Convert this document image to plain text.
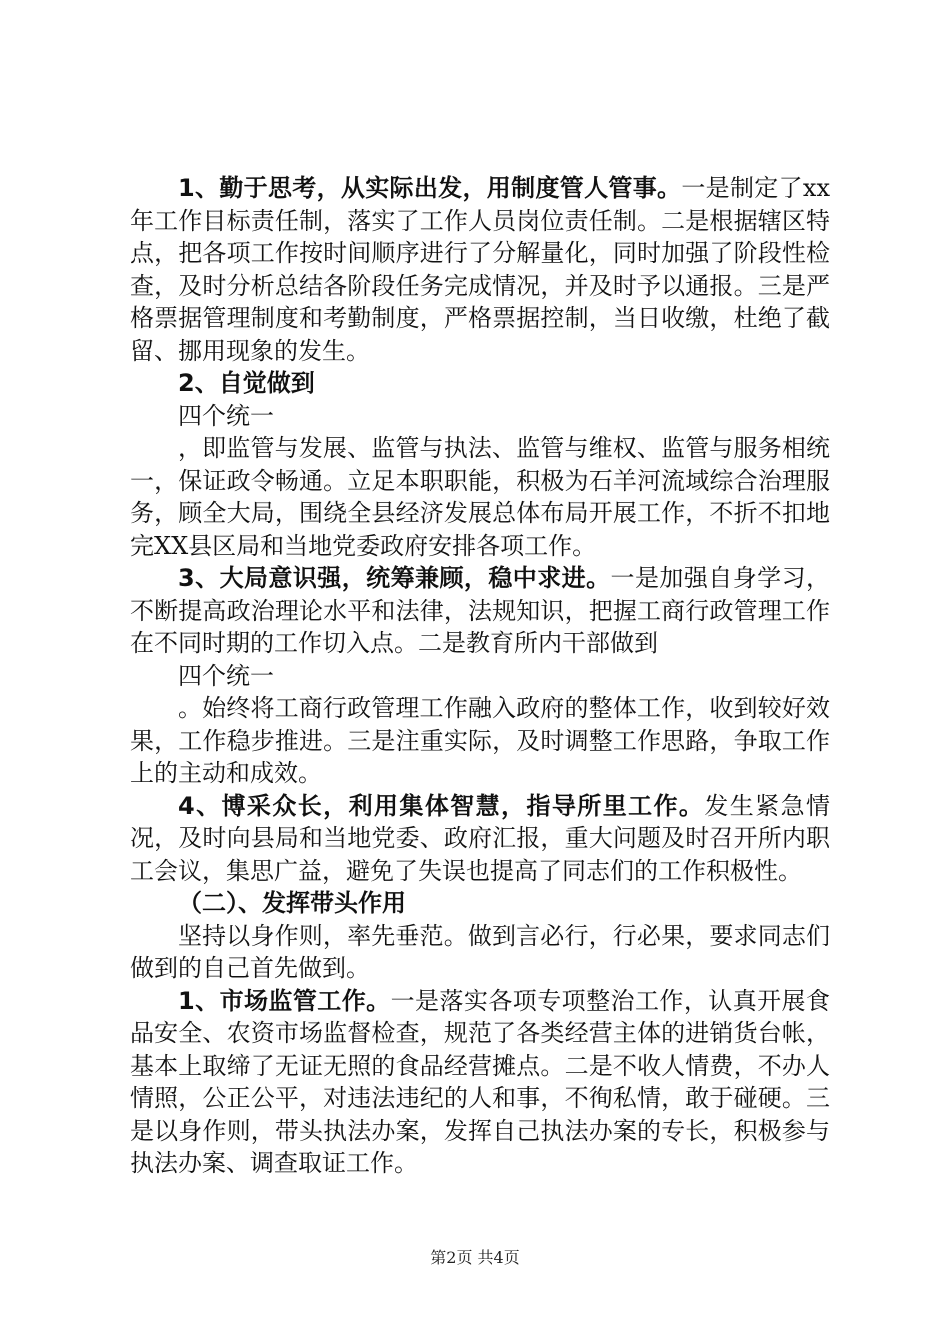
1、勤于思考，从实际出发，用制度管人管事。一是制定了xx年工作目标责任制，落实了工作人员岗位责任制。二是根据辖区特点，把各项工作按时间顺序进行了分解量化，同时加强了阶段性检查，及时分析总结各阶段任务完成情况，并及时予以通报。三是严格票据管理制度和考勤制度，严格票据控制，当日收缴，杜绝了截留、挪用现象的发生。

2、自觉做到

四个统一

，即监管与发展、监管与执法、监管与维权、监管与服务相统一，保证政令畅通。立足本职职能，积极为石羊河流域综合治理服务，顾全大局，围绕全县经济发展总体布局开展工作，不折不扣地完XX县区局和当地党委政府安排各项工作。

3、大局意识强，统筹兼顾，稳中求进。一是加强自身学习，不断提高政治理论水平和法律，法规知识，把握工商行政管理工作在不同时期的工作切入点。二是教育所内干部做到

四个统一

。始终将工商行政管理工作融入政府的整体工作，收到较好效果，工作稳步推进。三是注重实际，及时调整工作思路，争取工作上的主动和成效。

4、博采众长，利用集体智慧，指导所里工作。发生紧急情况，及时向县局和当地党委、政府汇报，重大问题及时召开所内职工会议，集思广益，避免了失误也提高了同志们的工作积极性。

（二）、发挥带头作用

坚持以身作则，率先垂范。做到言必行，行必果，要求同志们做到的自己首先做到。

1、市场监管工作。一是落实各项专项整治工作，认真开展食品安全、农资市场监督检查，规范了各类经营主体的进销货台帐，基本上取缔了无证无照的食品经营摊点。二是不收人情费，不办人情照，公正公平，对违法违纪的人和事，不徇私情，敢于碰硬。三是以身作则，带头执法办案，发挥自己执法办案的专长，积极参与执法办案、调查取证工作。

第2页 共4页
